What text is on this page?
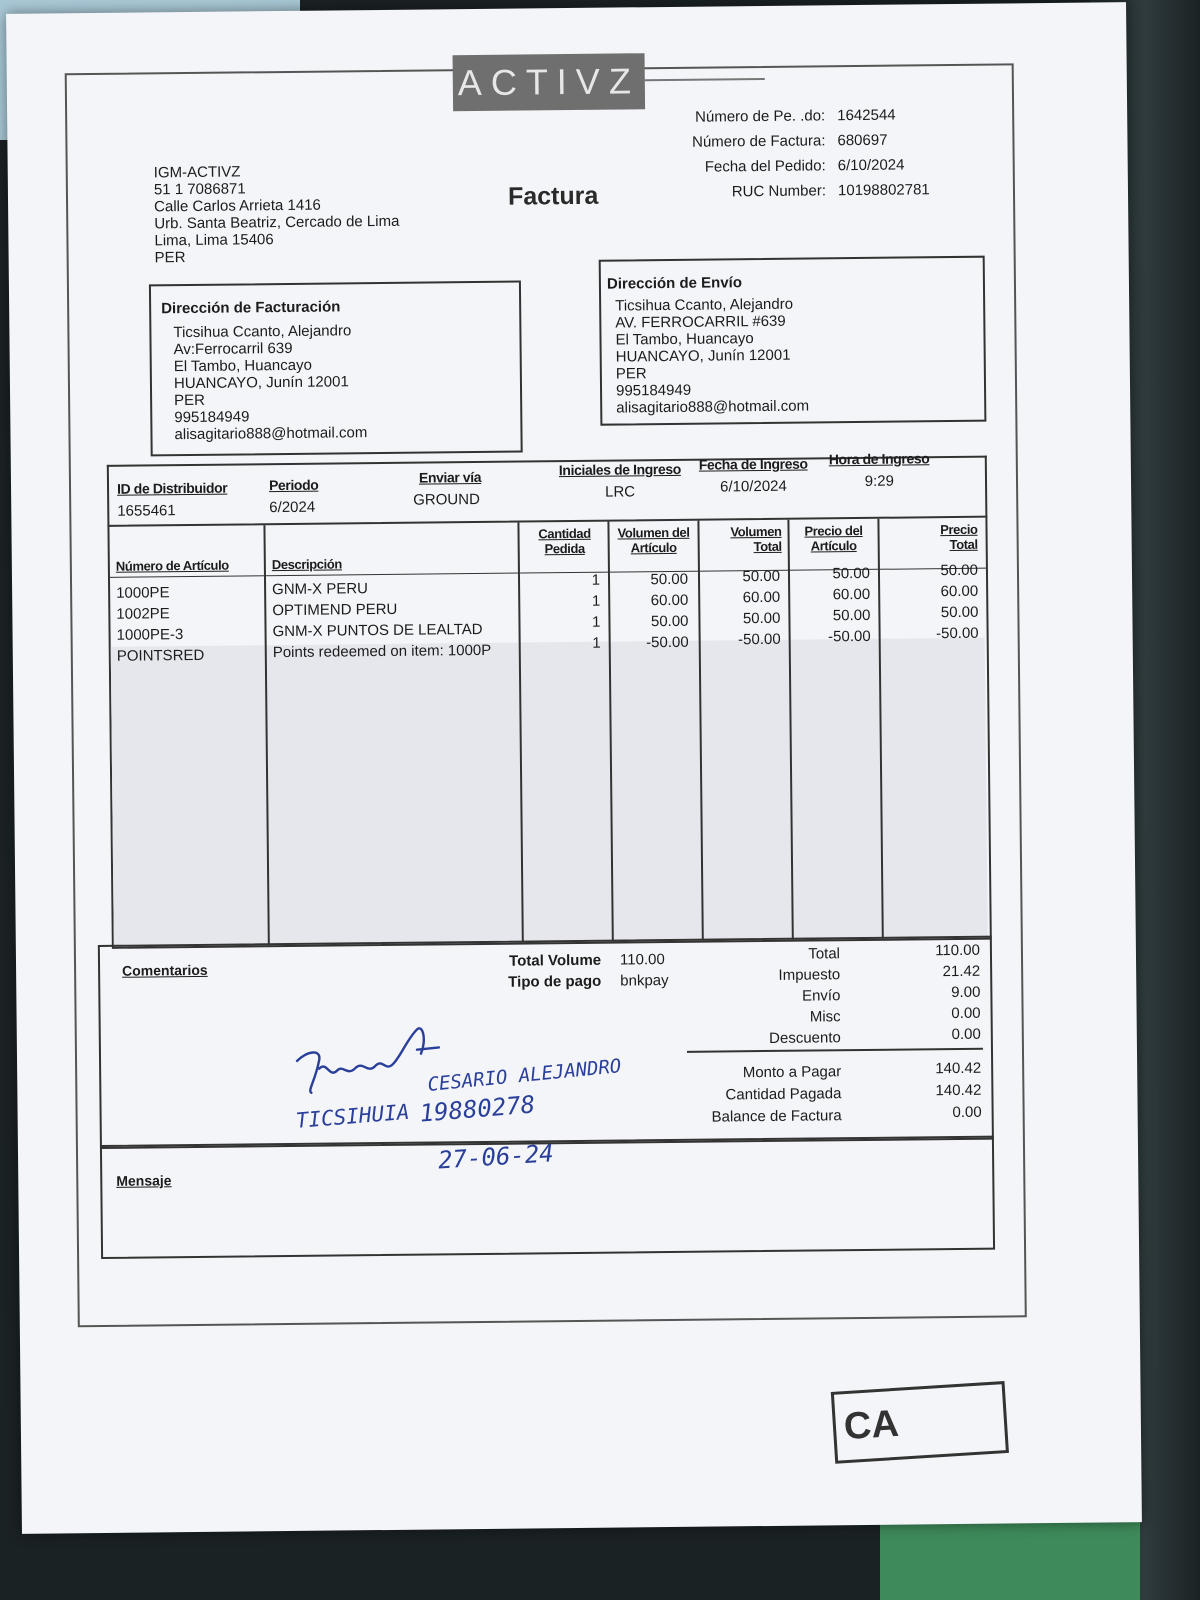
ACTIVZ
IGM-ACTIVZ
51 1 7086871
Calle Carlos Arrieta 1416
Urb. Santa Beatriz, Cercado de Lima
Lima, Lima 15406
PER
Factura
Número de Pe. .do: 1642544
Número de Factura: 680697
Fecha del Pedido: 6/10/2024
RUC Number: 10198802781
Dirección de Facturación
Ticsihua Ccanto, Alejandro
Av:Ferrocarril 639
El Tambo, Huancayo
HUANCAYO, Junín 12001
PER
995184949
alisagitario888@hotmail.com
Dirección de Envío
Ticsihua Ccanto, Alejandro
AV. FERROCARRIL #639
El Tambo, Huancayo
HUANCAYO, Junín 12001
PER
995184949
alisagitario888@hotmail.com
ID de Distribuidor
1655461
Periodo
6/2024
Enviar vía
GROUND
Iniciales de Ingreso
LRC
Fecha de Ingreso
6/10/2024
Hora de Ingreso
9:29
Número de Artículo	Descripción
Cantidad
Pedida
Volumen del
Artículo
Volumen
Total
Precio del
Artículo
Precio
Total
1000PE
1002PE
1000PE-3
POINTSRED
GNM-X PERU
OPTIMEND PERU
GNM-X PUNTOS DE LEALTAD
Points redeemed on item: 1000P
1
1
1
1
50.00
60.00
50.00
-50.00
50.00
60.00
50.00
-50.00
50.00
60.00
50.00
-50.00
50.00
60.00
50.00
-50.00
Comentarios
Total Volume
Tipo de pago
110.00
bnkpay
Total
Impuesto
Envío
Misc
Descuento
110.00
21.42
9.00
0.00
0.00
Monto a Pagar
Cantidad Pagada
Balance de Factura
140.42
140.42
0.00
Mensaje
CESARIO ALEJANDRO
TICSIHUIA 19880278
27-06-24
CA
